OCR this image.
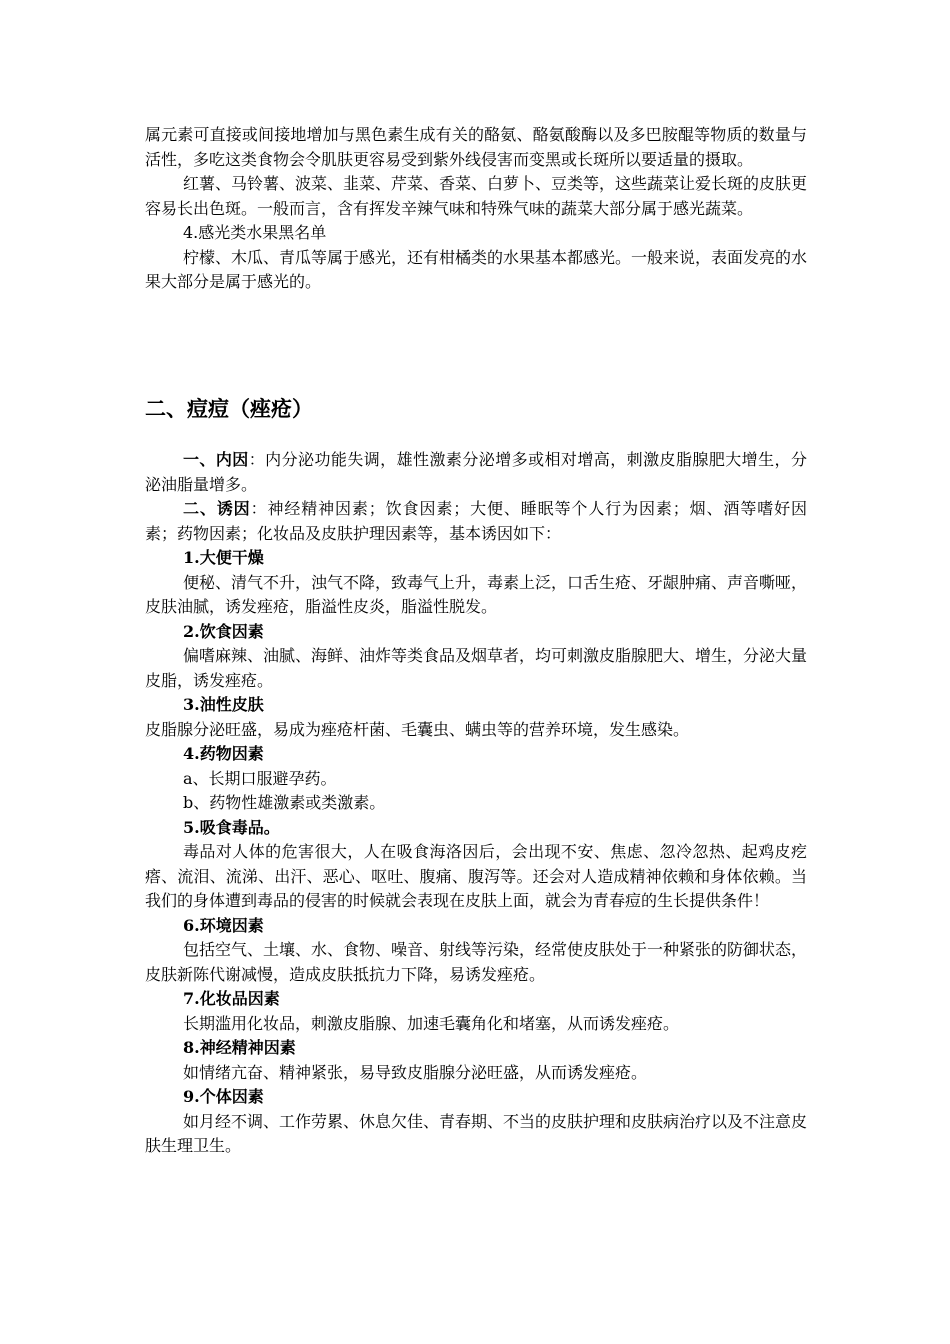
属元素可直接或间接地增加与黑色素生成有关的酪氨、酪氨酸酶以及多巴胺醌等物质的数量与活性，多吃这类食物会令肌肤更容易受到紫外线侵害而变黑或长斑所以要适量的摄取。

红薯、马铃薯、波菜、韭菜、芹菜、香菜、白萝卜、豆类等，这些蔬菜让爱长斑的皮肤更容易长出色斑。一般而言，含有挥发辛辣气味和特殊气味的蔬菜大部分属于感光蔬菜。

4.感光类水果黑名单

柠檬、木瓜、青瓜等属于感光，还有柑橘类的水果基本都感光。一般来说，表面发亮的水果大部分是属于感光的。

二、痘痘（痤疮）

一、内因：内分泌功能失调，雄性激素分泌增多或相对增高，刺激皮脂腺肥大增生，分泌油脂量增多。

二、诱因：神经精神因素；饮食因素；大便、睡眠等个人行为因素；烟、酒等嗜好因素；药物因素；化妆品及皮肤护理因素等，基本诱因如下：

1.大便干燥

便秘、清气不升，浊气不降，致毒气上升，毒素上泛，口舌生疮、牙龈肿痛、声音嘶哑，皮肤油腻，诱发痤疮，脂溢性皮炎，脂溢性脱发。

2.饮食因素

偏嗜麻辣、油腻、海鲜、油炸等类食品及烟草者，均可刺激皮脂腺肥大、增生，分泌大量皮脂，诱发痤疮。

3.油性皮肤

皮脂腺分泌旺盛，易成为痤疮杆菌、毛囊虫、螨虫等的营养环境，发生感染。

4.药物因素

a、长期口服避孕药。

b、药物性雄激素或类激素。

5.吸食毒品。

毒品对人体的危害很大，人在吸食海洛因后，会出现不安、焦虑、忽冷忽热、起鸡皮疙瘩、流泪、流涕、出汗、恶心、呕吐、腹痛、腹泻等。还会对人造成精神依赖和身体依赖。当我们的身体遭到毒品的侵害的时候就会表现在皮肤上面，就会为青春痘的生长提供条件！

6.环境因素

包括空气、土壤、水、食物、噪音、射线等污染，经常使皮肤处于一种紧张的防御状态，皮肤新陈代谢减慢，造成皮肤抵抗力下降，易诱发痤疮。

7.化妆品因素

长期滥用化妆品，刺激皮脂腺、加速毛囊角化和堵塞，从而诱发痤疮。

8.神经精神因素

如情绪亢奋、精神紧张，易导致皮脂腺分泌旺盛，从而诱发痤疮。

9.个体因素

如月经不调、工作劳累、休息欠佳、青春期、不当的皮肤护理和皮肤病治疗以及不注意皮肤生理卫生。
